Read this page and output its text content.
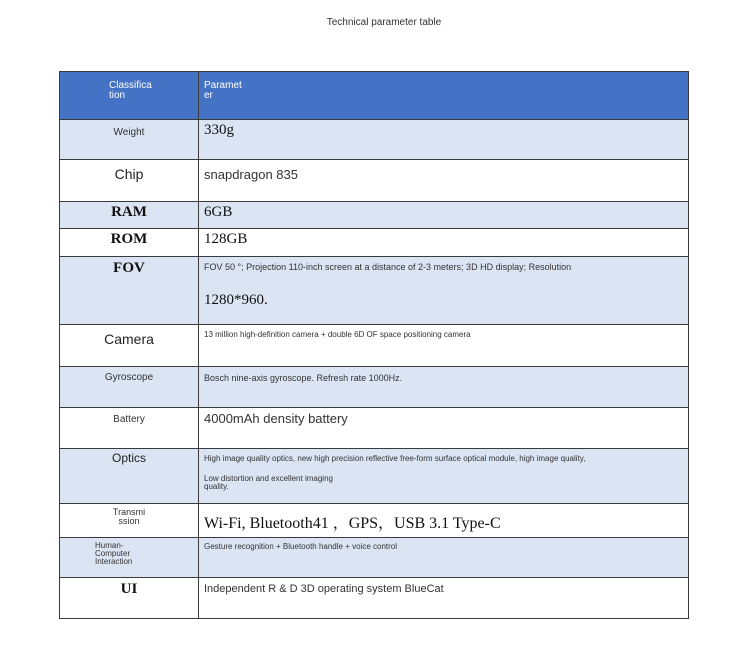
Technical parameter table
Classification	Parameter

Weight	330g

Chip	snapdragon 835

RAM	6GB

ROM	128GB

FOV	FOV 50 °; Projection 110-inch screen at a distance of 2-3 meters; 3D HD display; Resolution
1280*960.

Camera	13 million high-definition camera + double 6D OF space positioning camera

Gyroscope	Bosch nine-axis gyroscope. Refresh rate 1000Hz.

Battery	4000mAh density battery

Optics	High image quality optics, new high precision reflective free-form surface optical module, high image quality,
Low distortion and excellent imaging
quality.

Transmission	Wi-Fi, Bluetooth41 ，GPS，USB 3.1 Type-C

Human-Computer Interaction	Gesture recognition + Bluetooth handle + voice control

UI	Independent R & D 3D operating system BlueCat
